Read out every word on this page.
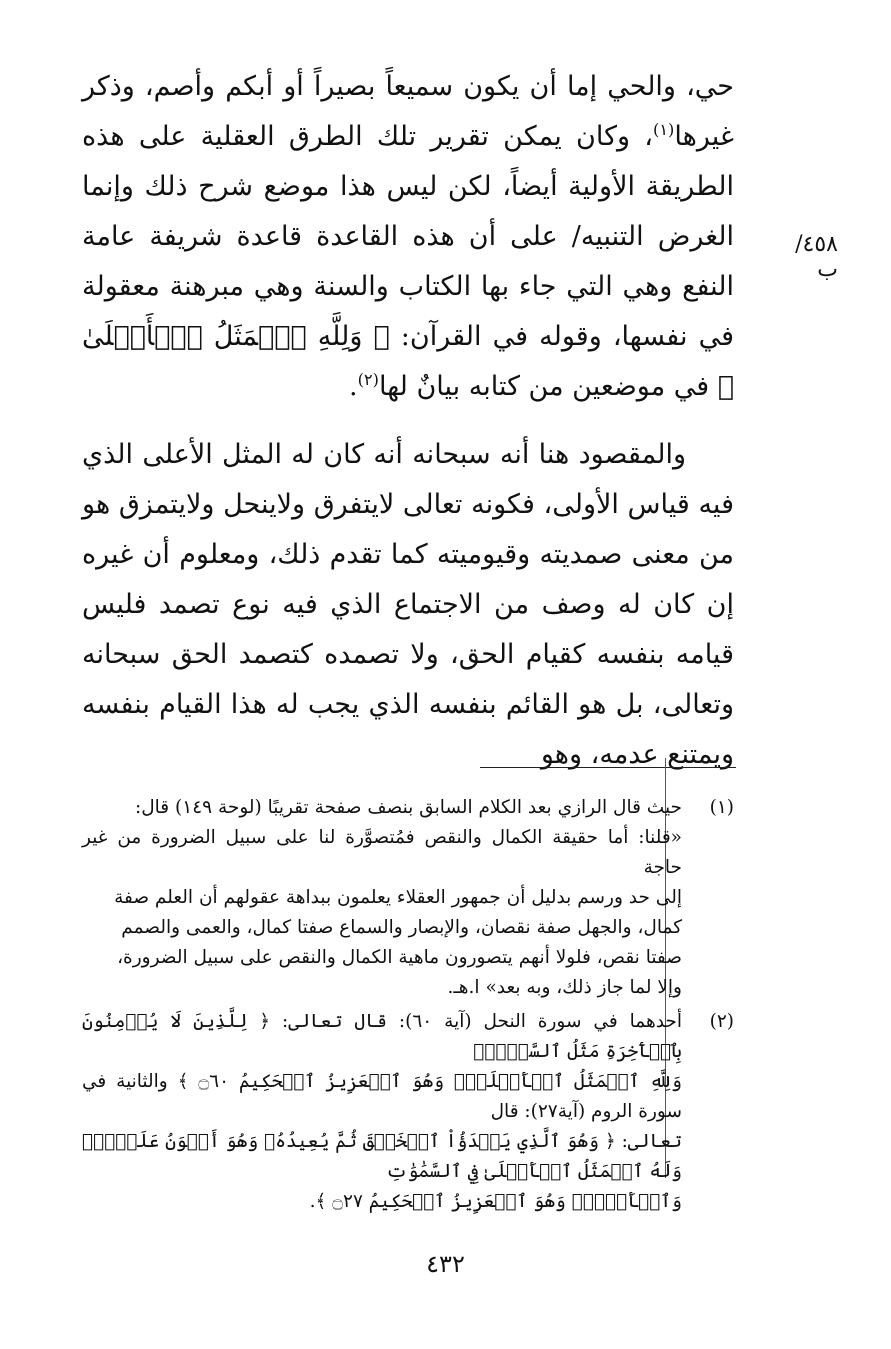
حي، والحي إما أن يكون سميعاً بصيراً أو أبكم وأصم، وذكر غيرها$^{(١)}$، وكان يمكن تقرير تلك الطرق العقلية على هذه الطريقة الأولية أيضاً، لكن ليس هذا موضع شرح ذلك وإنما الغرض التنبيه/ على أن هذه القاعدة قاعدة شريفة عامة النفع وهي التي جاء بها الكتاب والسنة وهي مبرهنة معقولة في نفسها، وقوله في القرآن: ﴿ وَلِلَّهِ ٱلۡمَثَلُ ٱلۡأَعۡلَىٰ ﴾ في موضعين من كتابه بيانٌ لها$^{(٢)}$.

والمقصود هنا أنه سبحانه أنه كان له المثل الأعلى الذي فيه قياس الأولى، فكونه تعالى لايتفرق ولاينحل ولايتمزق هو من معنى صمديته وقيوميته كما تقدم ذلك، ومعلوم أن غيره إن كان له وصف من الاجتماع الذي فيه نوع تصمد فليس قيامه بنفسه كقيام الحق، ولا تصمده كتصمد الحق سبحانه وتعالى، بل هو القائم بنفسه الذي يجب له هذا القيام بنفسه ويمتنع عدمه، وهو

٤٥٨/ب
(١)
حيث قال الرازي بعد الكلام السابق بنصف صفحة تقريبًا (لوحة ١٤٩) قال:
«قلنا: أما حقيقة الكمال والنقص فمُتصوَّرة لنا على سبيل الضرورة من غير حاجة
إلى حد ورسم بدليل أن جمهور العقلاء يعلمون ببداهة عقولهم أن العلم صفة
كمال، والجهل صفة نقصان، والإبصار والسماع صفتا كمال، والعمى والصمم
صفتا نقص، فلولا أنهم يتصورون ماهية الكمال والنقص على سبيل الضرورة،
وإلا لما جاز ذلك، وبه بعد» ا.هـ.
(٢)
أحدهما في سورة النحل (آية ٦٠): قال تعالى: ﴿ لِلَّذِينَ لَا يُؤۡمِنُونَ بِٱلۡأٓخِرَةِ مَثَلُ ٱلسَّوۡءِۖ
وَلِلَّهِ ٱلۡمَثَلُ ٱلۡأَعۡلَىٰۚ وَهُوَ ٱلۡعَزِيزُ ٱلۡحَكِيمُ ۝٦٠ ﴾ والثانية في سورة الروم (آية٢٧): قال
تعالى: ﴿ وَهُوَ ٱلَّذِي يَبۡدَؤُاْ ٱلۡخَلۡقَ ثُمَّ يُعِيدُهُۥ وَهُوَ أَهۡوَنُ عَلَيۡهِۚ وَلَهُ ٱلۡمَثَلُ ٱلۡأَعۡلَىٰ فِي ٱلسَّمَٰوَٰتِ
وَٱلۡأَرۡضِۚ وَهُوَ ٱلۡعَزِيزُ ٱلۡحَكِيمُ ۝٢٧ ﴾.
٤٣٢
